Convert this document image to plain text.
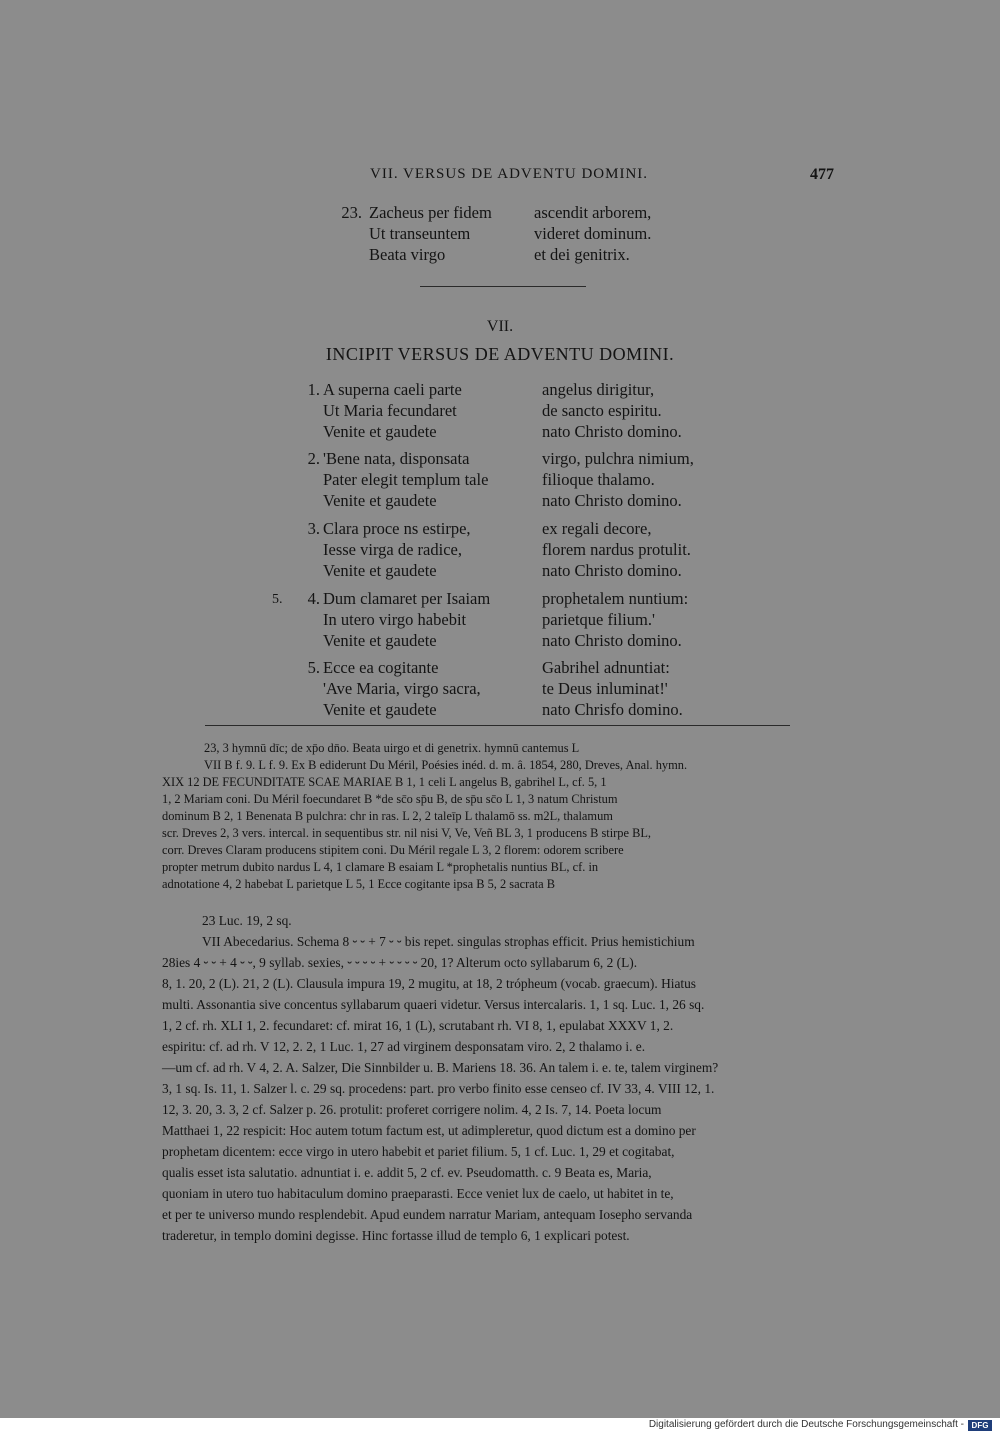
VII. VERSUS DE ADVENTU DOMINI.	477
23. Zacheus per fidem	ascendit arborem,
Ut transeuntem	videret dominum.
Beata virgo	et dei genitrix.
VII.
INCIPIT VERSUS DE ADVENTU DOMINI.
5.
1. A superna caeli parte	angelus dirigitur,
Ut Maria fecundaret	de sancto espiritu.
Venite et gaudete	nato Christo domino.
2. 'Bene nata, disponsata	virgo, pulchra nimium,
Pater elegit templum tale	filioque thalamo.
Venite et gaudete	nato Christo domino.
3. Clara proce ns estirpe,	ex regali decore,
Iesse virga de radice,	florem nardus protulit.
Venite et gaudete	nato Christo domino.
4. Dum clamaret per Isaiam	prophetalem nuntium:
In utero virgo habebit	parietque filium.'
Venite et gaudete	nato Christo domino.
5. Ecce ea cogitante	Gabrihel adnuntiat:
'Ave Maria, virgo sacra,	te Deus inluminat!'
Venite et gaudete	nato Chrisfo domino.
23, 3 hymnū dīc; de xp̄o dn̄o. Beata uirgo et di genetrix. hymnū cantemus L
VII B f. 9. L f. 9. Ex B ediderunt Du Méril, Poésies inéd. d. m. â. 1854, 280, Dreves, Anal. hymn.
XIX 12 DE FECUNDITATE SCAE MARIAE B 1, 1 celi L angelus B, gabrihel L, cf. 5, 1
1, 2 Mariam coni. Du Méril foecundaret B *de sc̄o sp̄u B, de sp̄u sc̄o L 1, 3 natum Christum
dominum B 2, 1 Benenata B pulchra: chr in ras. L 2, 2 taleīp L thalamō ss. m2L, thalamum
scr. Dreves 2, 3 vers. intercal. in sequentibus str. nil nisi V, Ve, Veñ BL 3, 1 producens B stirpe BL,
corr. Dreves Claram producens stipitem coni. Du Méril regale L 3, 2 florem: odorem scribere
propter metrum dubito nardus L 4, 1 clamare B esaiam L *prophetalis nuntius BL, cf. in
adnotatione 4, 2 habebat L parietque L 5, 1 Ecce cogitante ipsa B 5, 2 sacrata B
23 Luc. 19, 2 sq.
VII Abecedarius. Schema 8 ⏑ ⏑ + 7 ⏑ ⏑ bis repet. singulas strophas efficit. Prius hemistichium
28ies 4 ⏑ ⏑ + 4 ⏑ ⏑, 9 syllab. sexies, ⏑ ⏑ ⏑ ⏑ + ⏑ ⏑ ⏑ ⏑ 20, 1? Alterum octo syllabarum 6, 2 (L).
8, 1. 20, 2 (L). 21, 2 (L). Clausula impura 19, 2 mugitu, at 18, 2 trópheum (vocab. graecum). Hiatus
multi. Assonantia sive concentus syllabarum quaeri videtur. Versus intercalaris. 1, 1 sq. Luc. 1, 26 sq.
1, 2 cf. rh. XLI 1, 2. fecundaret: cf. mirat 16, 1 (L), scrutabant rh. VI 8, 1, epulabat XXXV 1, 2.
espiritu: cf. ad rh. V 12, 2. 2, 1 Luc. 1, 27 ad virginem desponsatam viro. 2, 2 thalamo i. e.
—um cf. ad rh. V 4, 2. A. Salzer, Die Sinnbilder u. B. Mariens 18. 36. An talem i. e. te, talem virginem?
3, 1 sq. Is. 11, 1. Salzer l. c. 29 sq. procedens: part. pro verbo finito esse censeo cf. IV 33, 4. VIII 12, 1.
12, 3. 20, 3. 3, 2 cf. Salzer p. 26. protulit: proferet corrigere nolim. 4, 2 Is. 7, 14. Poeta locum
Matthaei 1, 22 respicit: Hoc autem totum factum est, ut adimpleretur, quod dictum est a domino per
prophetam dicentem: ecce virgo in utero habebit et pariet filium. 5, 1 cf. Luc. 1, 29 et cogitabat,
qualis esset ista salutatio. adnuntiat i. e. addit 5, 2 cf. ev. Pseudomatth. c. 9 Beata es, Maria,
quoniam in utero tuo habitaculum domino praeparasti. Ecce veniet lux de caelo, ut habitet in te,
et per te universo mundo resplendebit. Apud eundem narratur Mariam, antequam Iosepho servanda
traderetur, in templo domini degisse. Hinc fortasse illud de templo 6, 1 explicari potest.
Digitalisierung gefördert durch die Deutsche Forschungsgemeinschaft - DFG
